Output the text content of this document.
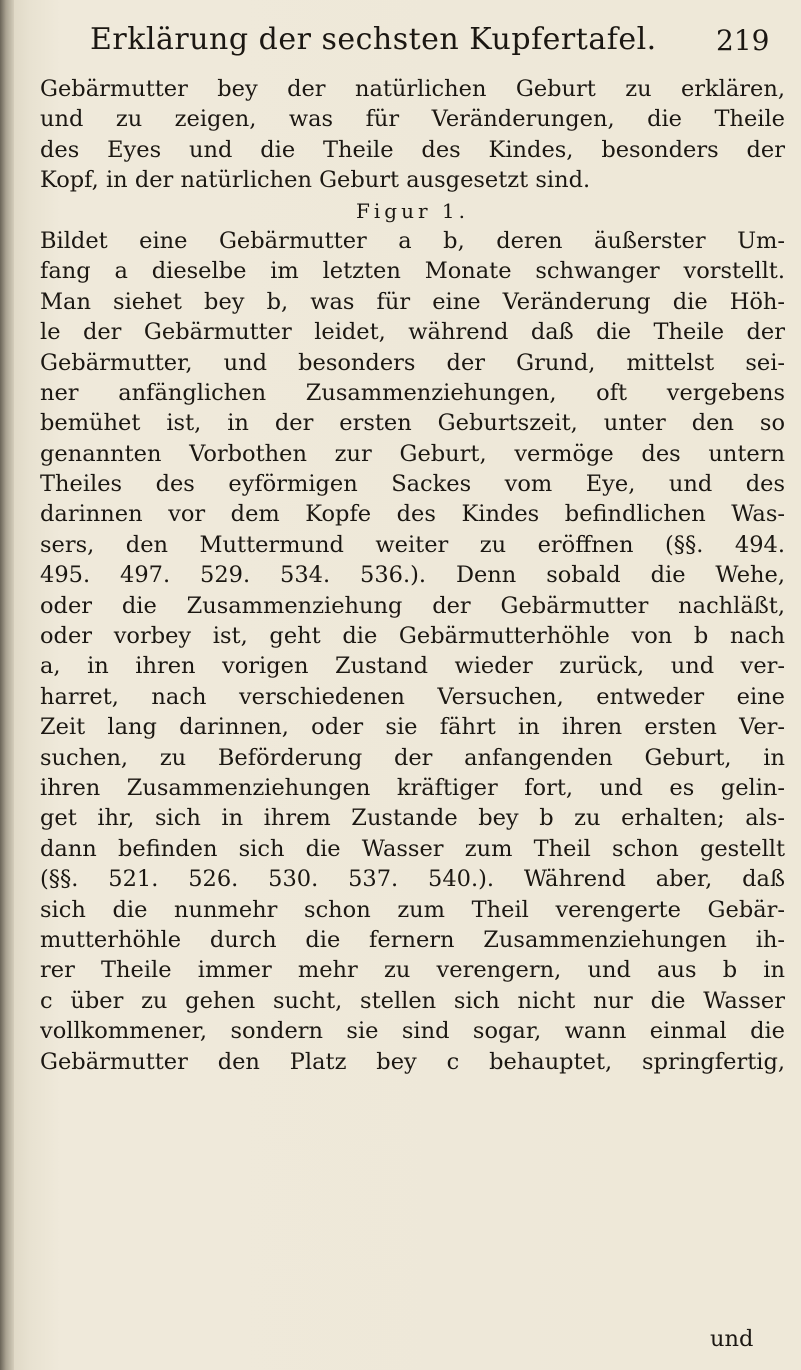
Erklärung der sechsten Kupfertafel. 219
Gebärmutter bey der natürlichen Geburt zu erklären,
und zu zeigen, was für Veränderungen, die Theile
des Eyes und die Theile des Kindes, besonders der
Kopf, in der natürlichen Geburt ausgesetzt sind.
Figur 1.
Bildet eine Gebärmutter a b, deren äußerster Um-
fang a dieselbe im letzten Monate schwanger vorstellt.
Man siehet bey b, was für eine Veränderung die Höh-
le der Gebärmutter leidet, während daß die Theile der
Gebärmutter, und besonders der Grund, mittelst sei-
ner anfänglichen Zusammenziehungen, oft vergebens
bemühet ist, in der ersten Geburtszeit, unter den so
genannten Vorbothen zur Geburt, vermöge des untern
Theiles des eyförmigen Sackes vom Eye, und des
darinnen vor dem Kopfe des Kindes befindlichen Was-
sers, den Muttermund weiter zu eröffnen (§§. 494.
495. 497. 529. 534. 536.). Denn sobald die Wehe,
oder die Zusammenziehung der Gebärmutter nachläßt,
oder vorbey ist, geht die Gebärmutterhöhle von b nach
a, in ihren vorigen Zustand wieder zurück, und ver-
harret, nach verschiedenen Versuchen, entweder eine
Zeit lang darinnen, oder sie fährt in ihren ersten Ver-
suchen, zu Beförderung der anfangenden Geburt, in
ihren Zusammenziehungen kräftiger fort, und es gelin-
get ihr, sich in ihrem Zustande bey b zu erhalten; als-
dann befinden sich die Wasser zum Theil schon gestellt
(§§. 521. 526. 530. 537. 540.). Während aber, daß
sich die nunmehr schon zum Theil verengerte Gebär-
mutterhöhle durch die fernern Zusammenziehungen ih-
rer Theile immer mehr zu verengern, und aus b in
c über zu gehen sucht, stellen sich nicht nur die Wasser
vollkommener, sondern sie sind sogar, wann einmal die
Gebärmutter den Platz bey c behauptet, springfertig,
und
